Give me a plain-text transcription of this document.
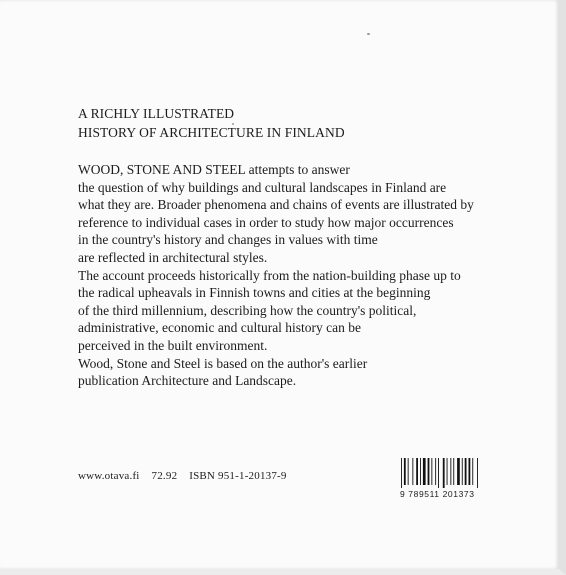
A RICHLY ILLUSTRATED
HISTORY OF ARCHITECTURE IN FINLAND
WOOD, STONE AND STEEL attempts to answer
the question of why buildings and cultural landscapes in Finland are
what they are. Broader phenomena and chains of events are illustrated by
reference to individual cases in order to study how major occurrences
in the country's history and changes in values with time
are reflected in architectural styles.
The account proceeds historically from the nation-building phase up to
the radical upheavals in Finnish towns and cities at the beginning
of the third millennium, describing how the country's political,
administrative, economic and cultural history can be
perceived in the built environment.
Wood, Stone and Steel is based on the author's earlier
publication Architecture and Landscape.
www.otava.fi 72.92 ISBN 951-1-20137-9
9 789511 201373
